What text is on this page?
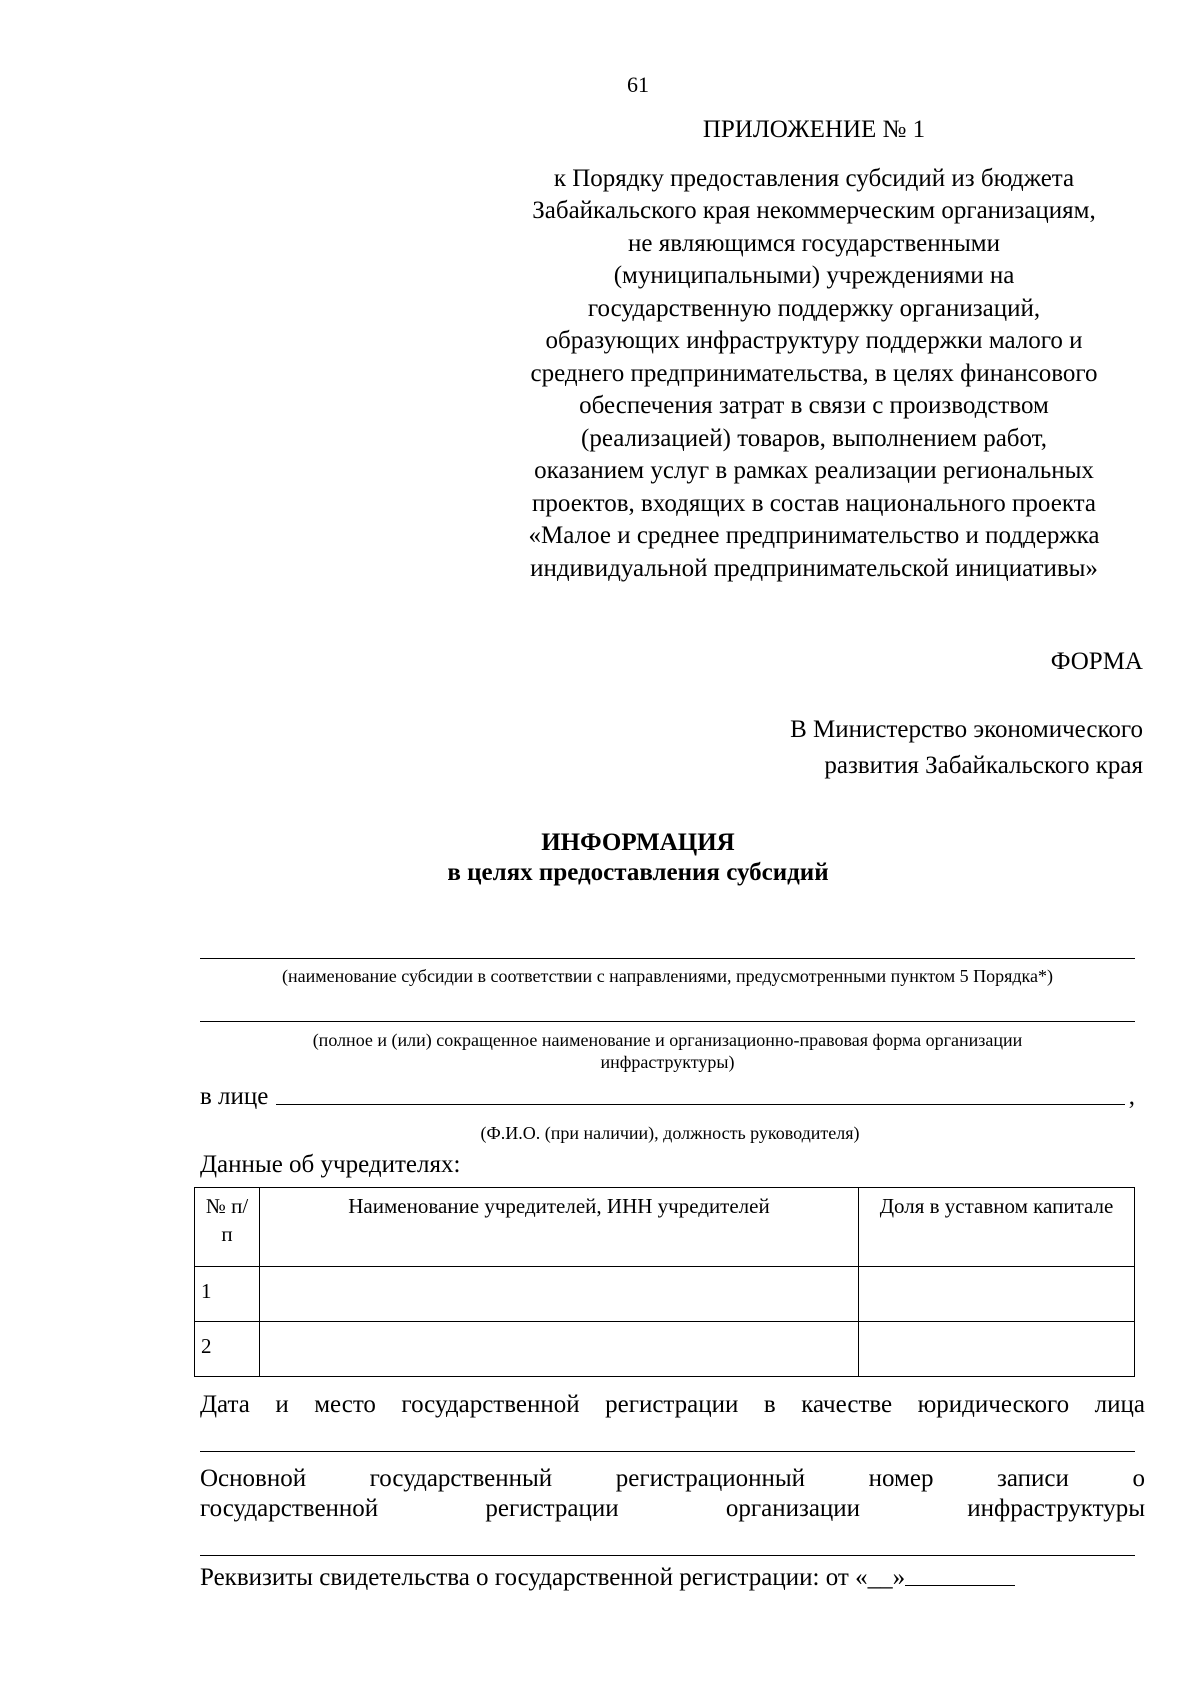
61
ПРИЛОЖЕНИЕ № 1
к Порядку предоставления субсидий из бюджета
Забайкальского края некоммерческим организациям,
не являющимся государственными
(муниципальными) учреждениями на
государственную поддержку организаций,
образующих инфраструктуру поддержки малого и
среднего предпринимательства, в целях финансового
обеспечения затрат в связи с производством
(реализацией) товаров, выполнением работ,
оказанием услуг в рамках реализации региональных
проектов, входящих в состав национального проекта
«Малое и среднее предпринимательство и поддержка
индивидуальной предпринимательской инициативы»
ФОРМА
В Министерство экономического
развития Забайкальского края
ИНФОРМАЦИЯ
в целях предоставления субсидий
(наименование субсидии в соответствии с направлениями, предусмотренными пунктом 5 Порядка*)
(полное и (или) сокращенное наименование и организационно-правовая форма организации
инфраструктуры)
в лице	,
(Ф.И.О. (при наличии), должность руководителя)
Данные об учредителях:
№ п/п	Наименование учредителей, ИНН учредителей	Доля в уставном капитале
1		
2		
Дата и место государственной регистрации в качестве юридического лица
Основной государственный регистрационный номер записи о
государственной регистрации организации инфраструктуры
Реквизиты свидетельства о государственной регистрации: от «__»
